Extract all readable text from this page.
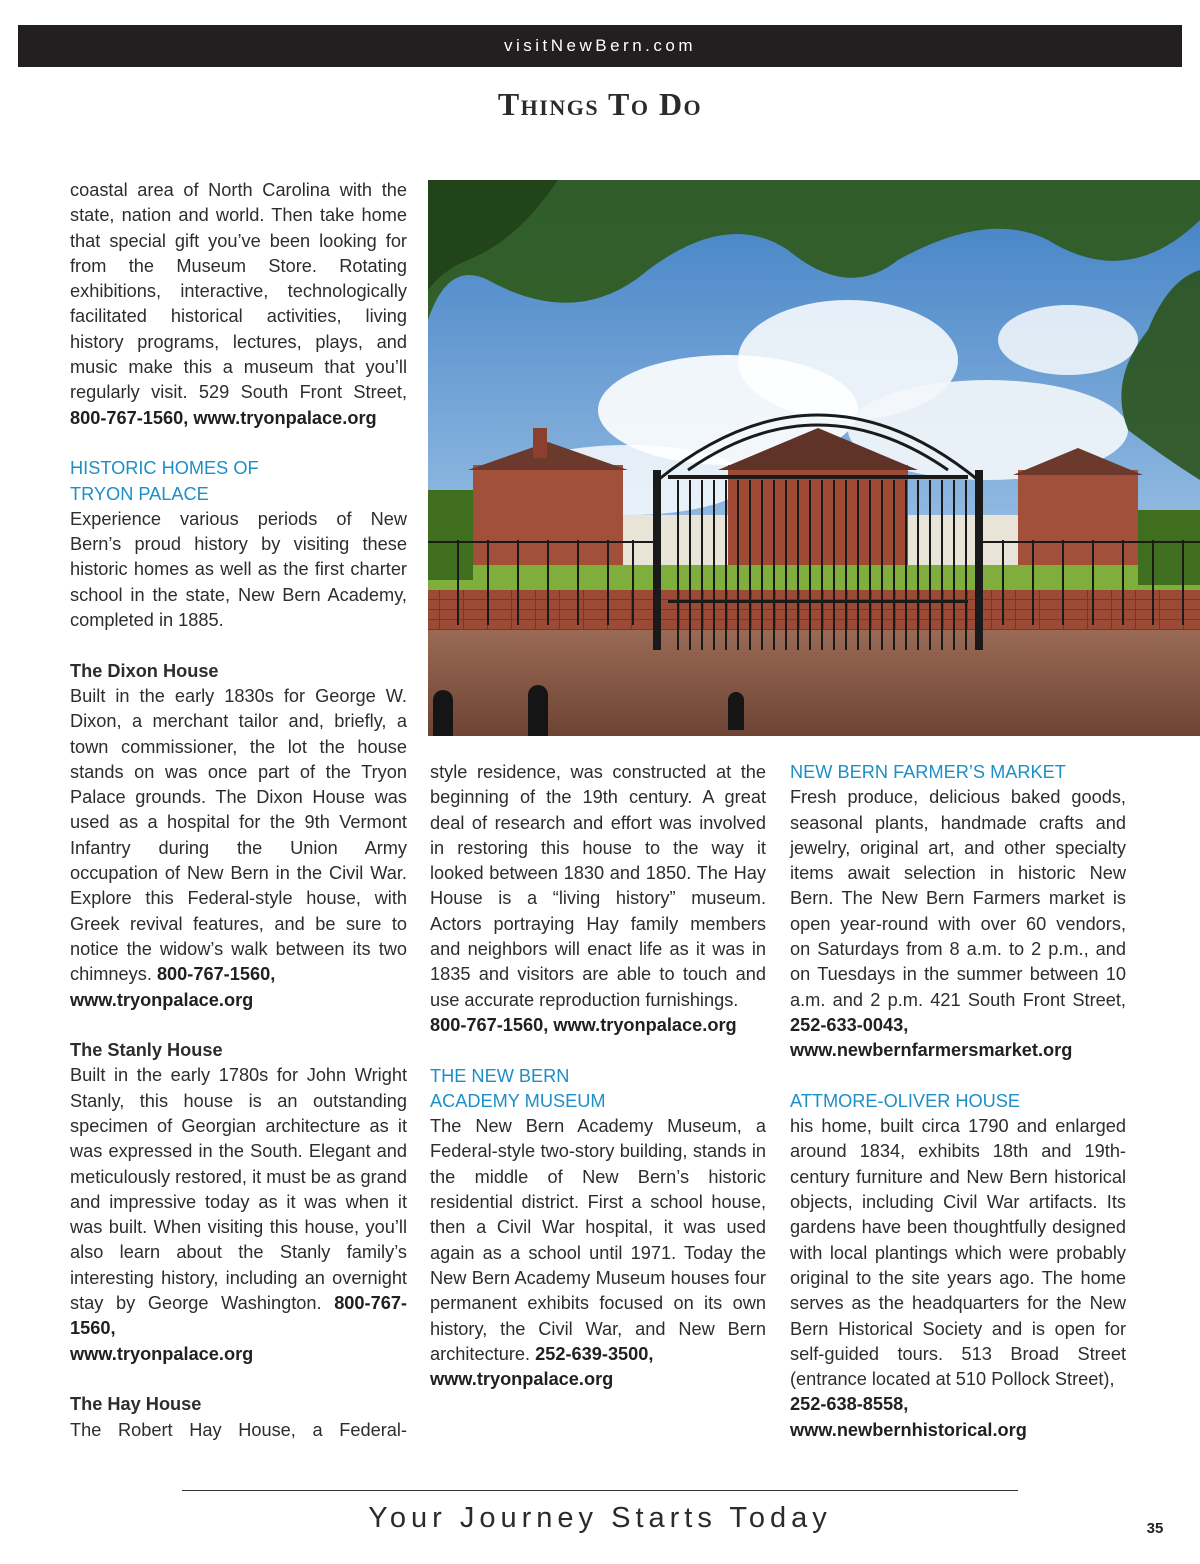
visitNewBern.com
Things To Do

coastal area of North Carolina with the state, nation and world. Then take home that special gift you’ve been looking for from the Museum Store. Rotating exhibitions, interactive, technologically facilitated historical activities, living history programs, lectures, plays, and music make this a museum that you’ll regularly visit. 529 South Front Street, 800-767-1560, www.tryonpalace.org

HISTORIC HOMES OF
TRYON PALACE

Experience various periods of New Bern’s proud history by visiting these historic homes as well as the first charter school in the state, New Bern Academy, completed in 1885.

The Dixon House

Built in the early 1830s for George W. Dixon, a merchant tailor and, briefly, a town commissioner, the lot the house stands on was once part of the Tryon Palace grounds. The Dixon House was used as a hospital for the 9th Vermont Infantry during the Union Army occupation of New Bern in the Civil War. Explore this Federal-style house, with Greek revival features, and be sure to notice the widow’s walk between its two chimneys. 800-767-1560,
www.tryonpalace.org

The Stanly House

Built in the early 1780s for John Wright Stanly, this house is an outstanding specimen of Georgian architecture as it was expressed in the South. Elegant and meticulously restored, it must be as grand and impressive today as it was when it was built. When visiting this house, you’ll also learn about the Stanly family’s interesting history, including an overnight stay by George Washington. 800-767-1560,
www.tryonpalace.org

The Hay House

The Robert Hay House, a Federal-

style residence, was constructed at the beginning of the 19th century. A great deal of research and effort was involved in restoring this house to the way it looked between 1830 and 1850. The Hay House is a “living history” museum. Actors portraying Hay family members and neighbors will enact life as it was in 1835 and visitors are able to touch and use accurate reproduction furnishings.
800-767-1560, www.tryonpalace.org

THE NEW BERN
ACADEMY MUSEUM

The New Bern Academy Museum, a Federal-style two-story building, stands in the middle of New Bern’s historic residential district. First a school house, then a Civil War hospital, it was used again as a school until 1971. Today the New Bern Academy Museum houses four permanent exhibits focused on its own history, the Civil War, and New Bern architecture. 252-639-3500,
www.tryonpalace.org

NEW BERN FARMER’S MARKET

Fresh produce, delicious baked goods, seasonal plants, handmade crafts and jewelry, original art, and other specialty items await selection in historic New Bern. The New Bern Farmers market is open year-round with over 60 vendors, on Saturdays from 8 a.m. to 2 p.m., and on Tuesdays in the summer between 10 a.m. and 2 p.m. 421 South Front Street, 252-633-0043,
www.newbernfarmersmarket.org

ATTMORE-OLIVER HOUSE

his home, built circa 1790 and enlarged around 1834, exhibits 18th and 19th-century furniture and New Bern historical objects, including Civil War artifacts. Its gardens have been thoughtfully designed with local plantings which were probably original to the site years ago. The home serves as the headquarters for the New Bern Historical Society and is open for self-guided tours. 513 Broad Street (entrance located at 510 Pollock Street),
252-638-8558,
www.newbernhistorical.org

Your Journey Starts Today	35
